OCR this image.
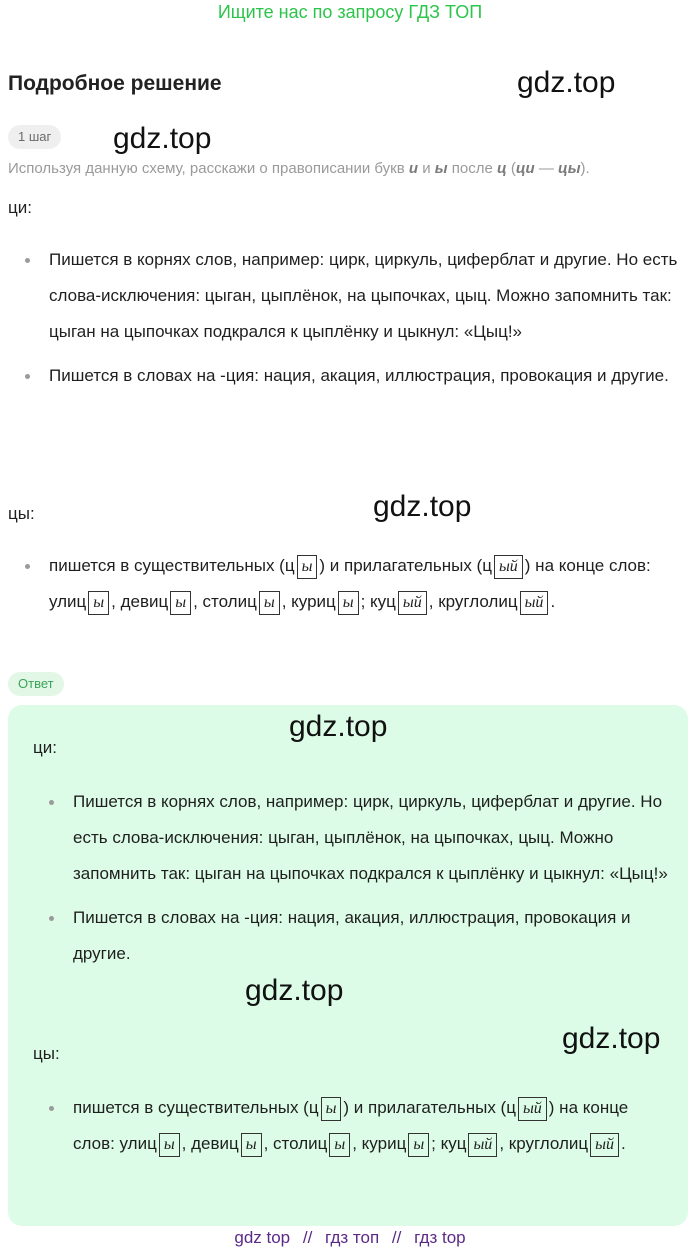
Ищите нас по запросу ГДЗ ТОП
Подробное решение	gdz.top
gdz.top
gdz.top
gdz.top
gdz.top
gdz.top
1 шаг
Используя данную схему, расскажи о правописании букв и и ы после ц (ци — цы).
ци:
Пишется в корнях слов, например: цирк, циркуль, циферблат и другие. Но есть слова-исключения: цыган, цыплёнок, на цыпочках, цыц. Можно запомнить так: цыган на цыпочках подкрался к цыплёнку и цыкнул: «Цыц!»
Пишется в словах на -ция: нация, акация, иллюстрация, провокация и другие.
цы:
пишется в существительных (ц ы ) и прилагательных (ц ый ) на конце слов: улиц ы , девиц ы , столиц ы , куриц ы ; куц ый , круглолиц ый .
Ответ
ци:
Пишется в корнях слов, например: цирк, циркуль, циферблат и другие. Но есть слова-исключения: цыган, цыплёнок, на цыпочках, цыц. Можно запомнить так: цыган на цыпочках подкрался к цыплёнку и цыкнул: «Цыц!»
Пишется в словах на -ция: нация, акация, иллюстрация, провокация и другие.
цы:
пишется в существительных (ц ы ) и прилагательных (ц ый ) на конце слов: улиц ы , девиц ы , столиц ы , куриц ы ; куц ый , круглолиц ый .
gdz top // гдз топ // гдз top
